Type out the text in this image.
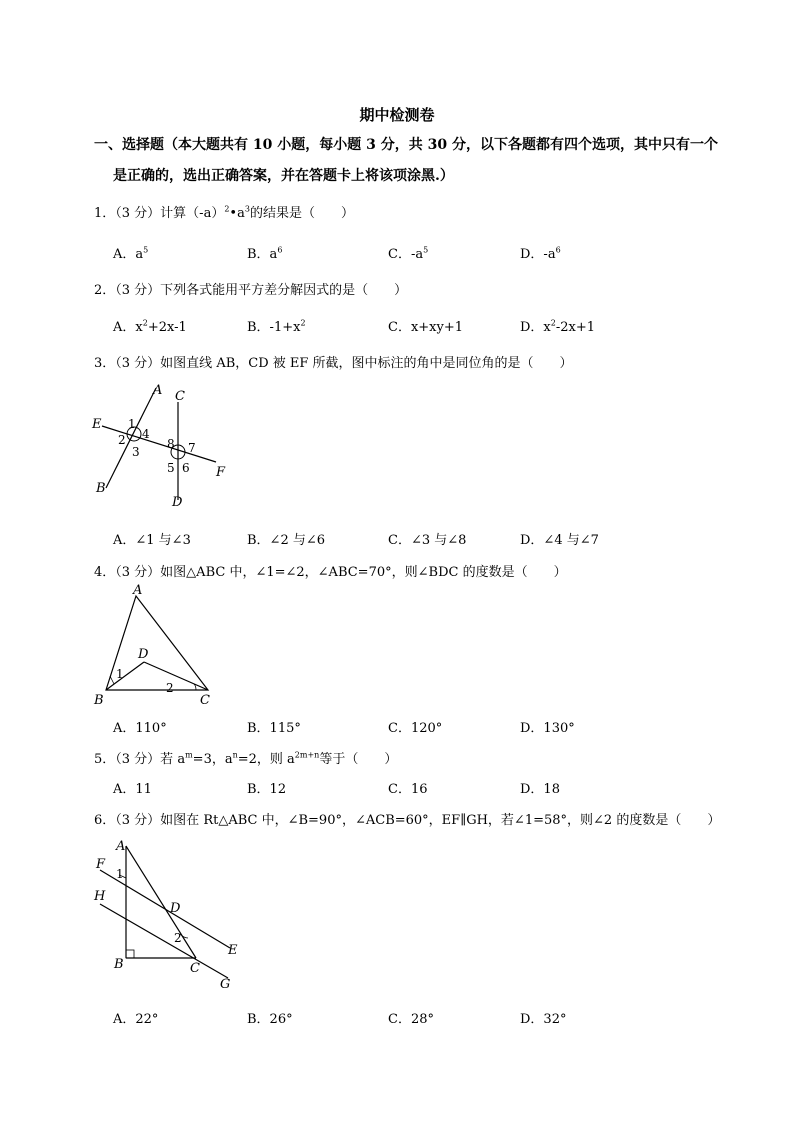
期中检测卷
一、选择题（本大题共有 10 小题，每小题 3 分，共 30 分，以下各题都有四个选项，其中只有一个
是正确的，选出正确答案，并在答题卡上将该项涂黑.）
1．（3 分）计算$(-a)^2•a^3$的结果是（　　）
A．$a^5$	B．$a^6$	C．$-a^5$	D．$-a^6$
2．（3 分）下列各式能用平方差分解因式的是（　　）
A．$x^2+2x-1$	B．$-1+x^2$	C．x+xy+1	D．$x^2-2x+1$
3．（3 分）如图直线 AB，CD 被 EF 所截，图中标注的角中是同位角的是（　　）
A
B
C
D
E
F
1
2
3
4
5 6
7
8
A．∠1 与∠3	B．∠2 与∠6	C．∠3 与∠8	D．∠4 与∠7
4．（3 分）如图△ABC 中，∠1=∠2，∠ABC=70°，则∠BDC 的度数是（　　）
A
B	C
D
1
2
A．110°	B．115°	C．120°	D．130°
5．（3 分）若 $a^m=3$，$a^n=2$，则 $a^{2m+n}$等于（　　）
A．11	B．12	C．16	D．18
6．（3 分）如图在 Rt△ABC 中，∠B=90°，∠ACB=60°，EF∥GH，若∠1=58°，则∠2 的度数是（　　）
A
B	C
D
E
F
G
H
1
2
A．22°	B．26°	C．28°	D．32°
